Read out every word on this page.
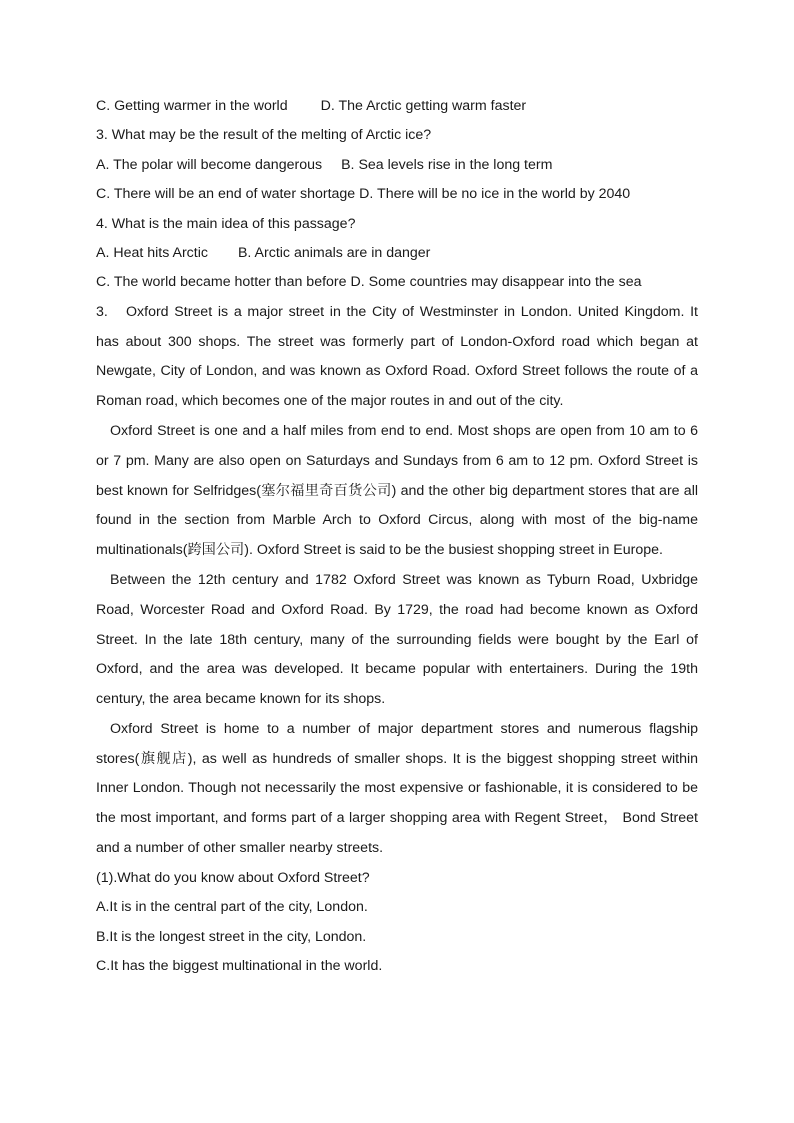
C. Getting warmer in the world D. The Arctic getting warm faster

3. What may be the result of the melting of Arctic ice?

A. The polar will become dangerous B. Sea levels rise in the long term

C. There will be an end of water shortage D. There will be no ice in the world by 2040

4. What is the main idea of this passage?

A. Heat hits Arctic B. Arctic animals are in danger

C. The world became hotter than before D. Some countries may disappear into the sea

3. Oxford Street is a major street in the City of Westminster in London. United Kingdom. It has about 300 shops. The street was formerly part of London-Oxford road which began at Newgate, City of London, and was known as Oxford Road. Oxford Street follows the route of a Roman road, which becomes one of the major routes in and out of the city.

Oxford Street is one and a half miles from end to end. Most shops are open from 10 am to 6 or 7 pm. Many are also open on Saturdays and Sundays from 6 am to 12 pm. Oxford Street is best known for Selfridges(塞尔福里奇百货公司) and the other big department stores that are all found in the section from Marble Arch to Oxford Circus, along with most of the big-name multinationals(跨国公司). Oxford Street is said to be the busiest shopping street in Europe.

Between the 12th century and 1782 Oxford Street was known as Tyburn Road, Uxbridge Road, Worcester Road and Oxford Road. By 1729, the road had become known as Oxford Street. In the late 18th century, many of the surrounding fields were bought by the Earl of Oxford, and the area was developed. It became popular with entertainers. During the 19th century, the area became known for its shops.

Oxford Street is home to a number of major department stores and numerous flagship stores(旗舰店), as well as hundreds of smaller shops. It is the biggest shopping street within Inner London. Though not necessarily the most expensive or fashionable, it is considered to be the most important, and forms part of a larger shopping area with Regent Street， Bond Street and a number of other smaller nearby streets.

(1).What do you know about Oxford Street?

A.It is in the central part of the city, London.

B.It is the longest street in the city, London.

C.It has the biggest multinational in the world.
